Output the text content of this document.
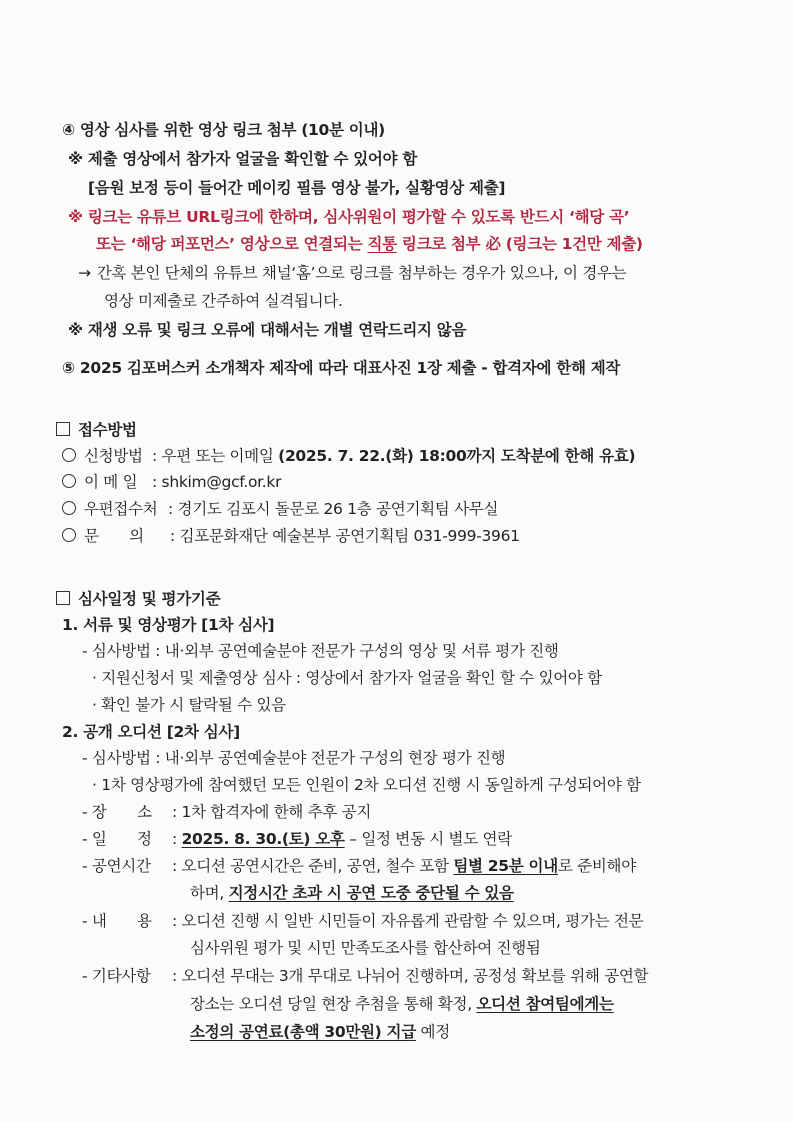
④ 영상 심사를 위한 영상 링크 첨부 (10분 이내)
※ 제출 영상에서 참가자 얼굴을 확인할 수 있어야 함
[음원 보정 등이 들어간 메이킹 필름 영상 불가, 실황영상 제출]
※ 링크는 유튜브 URL링크에 한하며, 심사위원이 평가할 수 있도록 반드시 ‘해당 곡’
또는 ‘해당 퍼포먼스’ 영상으로 연결되는 직통 링크로 첨부 必 (링크는 1건만 제출)
→ 간혹 본인 단체의 유튜브 채널‘홈’으로 링크를 첨부하는 경우가 있으나, 이 경우는
영상 미제출로 간주하여 실격됩니다.
※ 재생 오류 및 링크 오류에 대해서는 개별 연락드리지 않음
⑤ 2025 김포버스커 소개책자 제작에 따라 대표사진 1장 제출 - 합격자에 한해 제작
접수방법
신청방법 : 우편 또는 이메일 (2025. 7. 22.(화) 18:00까지 도착분에 한해 유효)
이 메 일 : shkim@gcf.or.kr
우편접수처 : 경기도 김포시 돌문로 26 1층 공연기획팀 사무실
문　　의 : 김포문화재단 예술본부 공연기획팀 031-999-3961
심사일정 및 평가기준
1. 서류 및 영상평가 [1차 심사]
- 심사방법 : 내·외부 공연예술분야 전문가 구성의 영상 및 서류 평가 진행
· 지원신청서 및 제출영상 심사 : 영상에서 참가자 얼굴을 확인 할 수 있어야 함
· 확인 불가 시 탈락될 수 있음
2. 공개 오디션 [2차 심사]
- 심사방법 : 내·외부 공연예술분야 전문가 구성의 현장 평가 진행
· 1차 영상평가에 참여했던 모든 인원이 2차 오디션 진행 시 동일하게 구성되어야 함
- 장　　소 : 1차 합격자에 한해 추후 공지
- 일　　정 : 2025. 8. 30.(토) 오후 – 일정 변동 시 별도 연락
- 공연시간 : 오디션 공연시간은 준비, 공연, 철수 포함 팀별 25분 이내로 준비해야
하며, 지정시간 초과 시 공연 도중 중단될 수 있음
- 내　　용 : 오디션 진행 시 일반 시민들이 자유롭게 관람할 수 있으며, 평가는 전문
심사위원 평가 및 시민 만족도조사를 합산하여 진행됨
- 기타사항 : 오디션 무대는 3개 무대로 나뉘어 진행하며, 공정성 확보를 위해 공연할
장소는 오디션 당일 현장 추첨을 통해 확정, 오디션 참여팀에게는
소정의 공연료(총액 30만원) 지급 예정
